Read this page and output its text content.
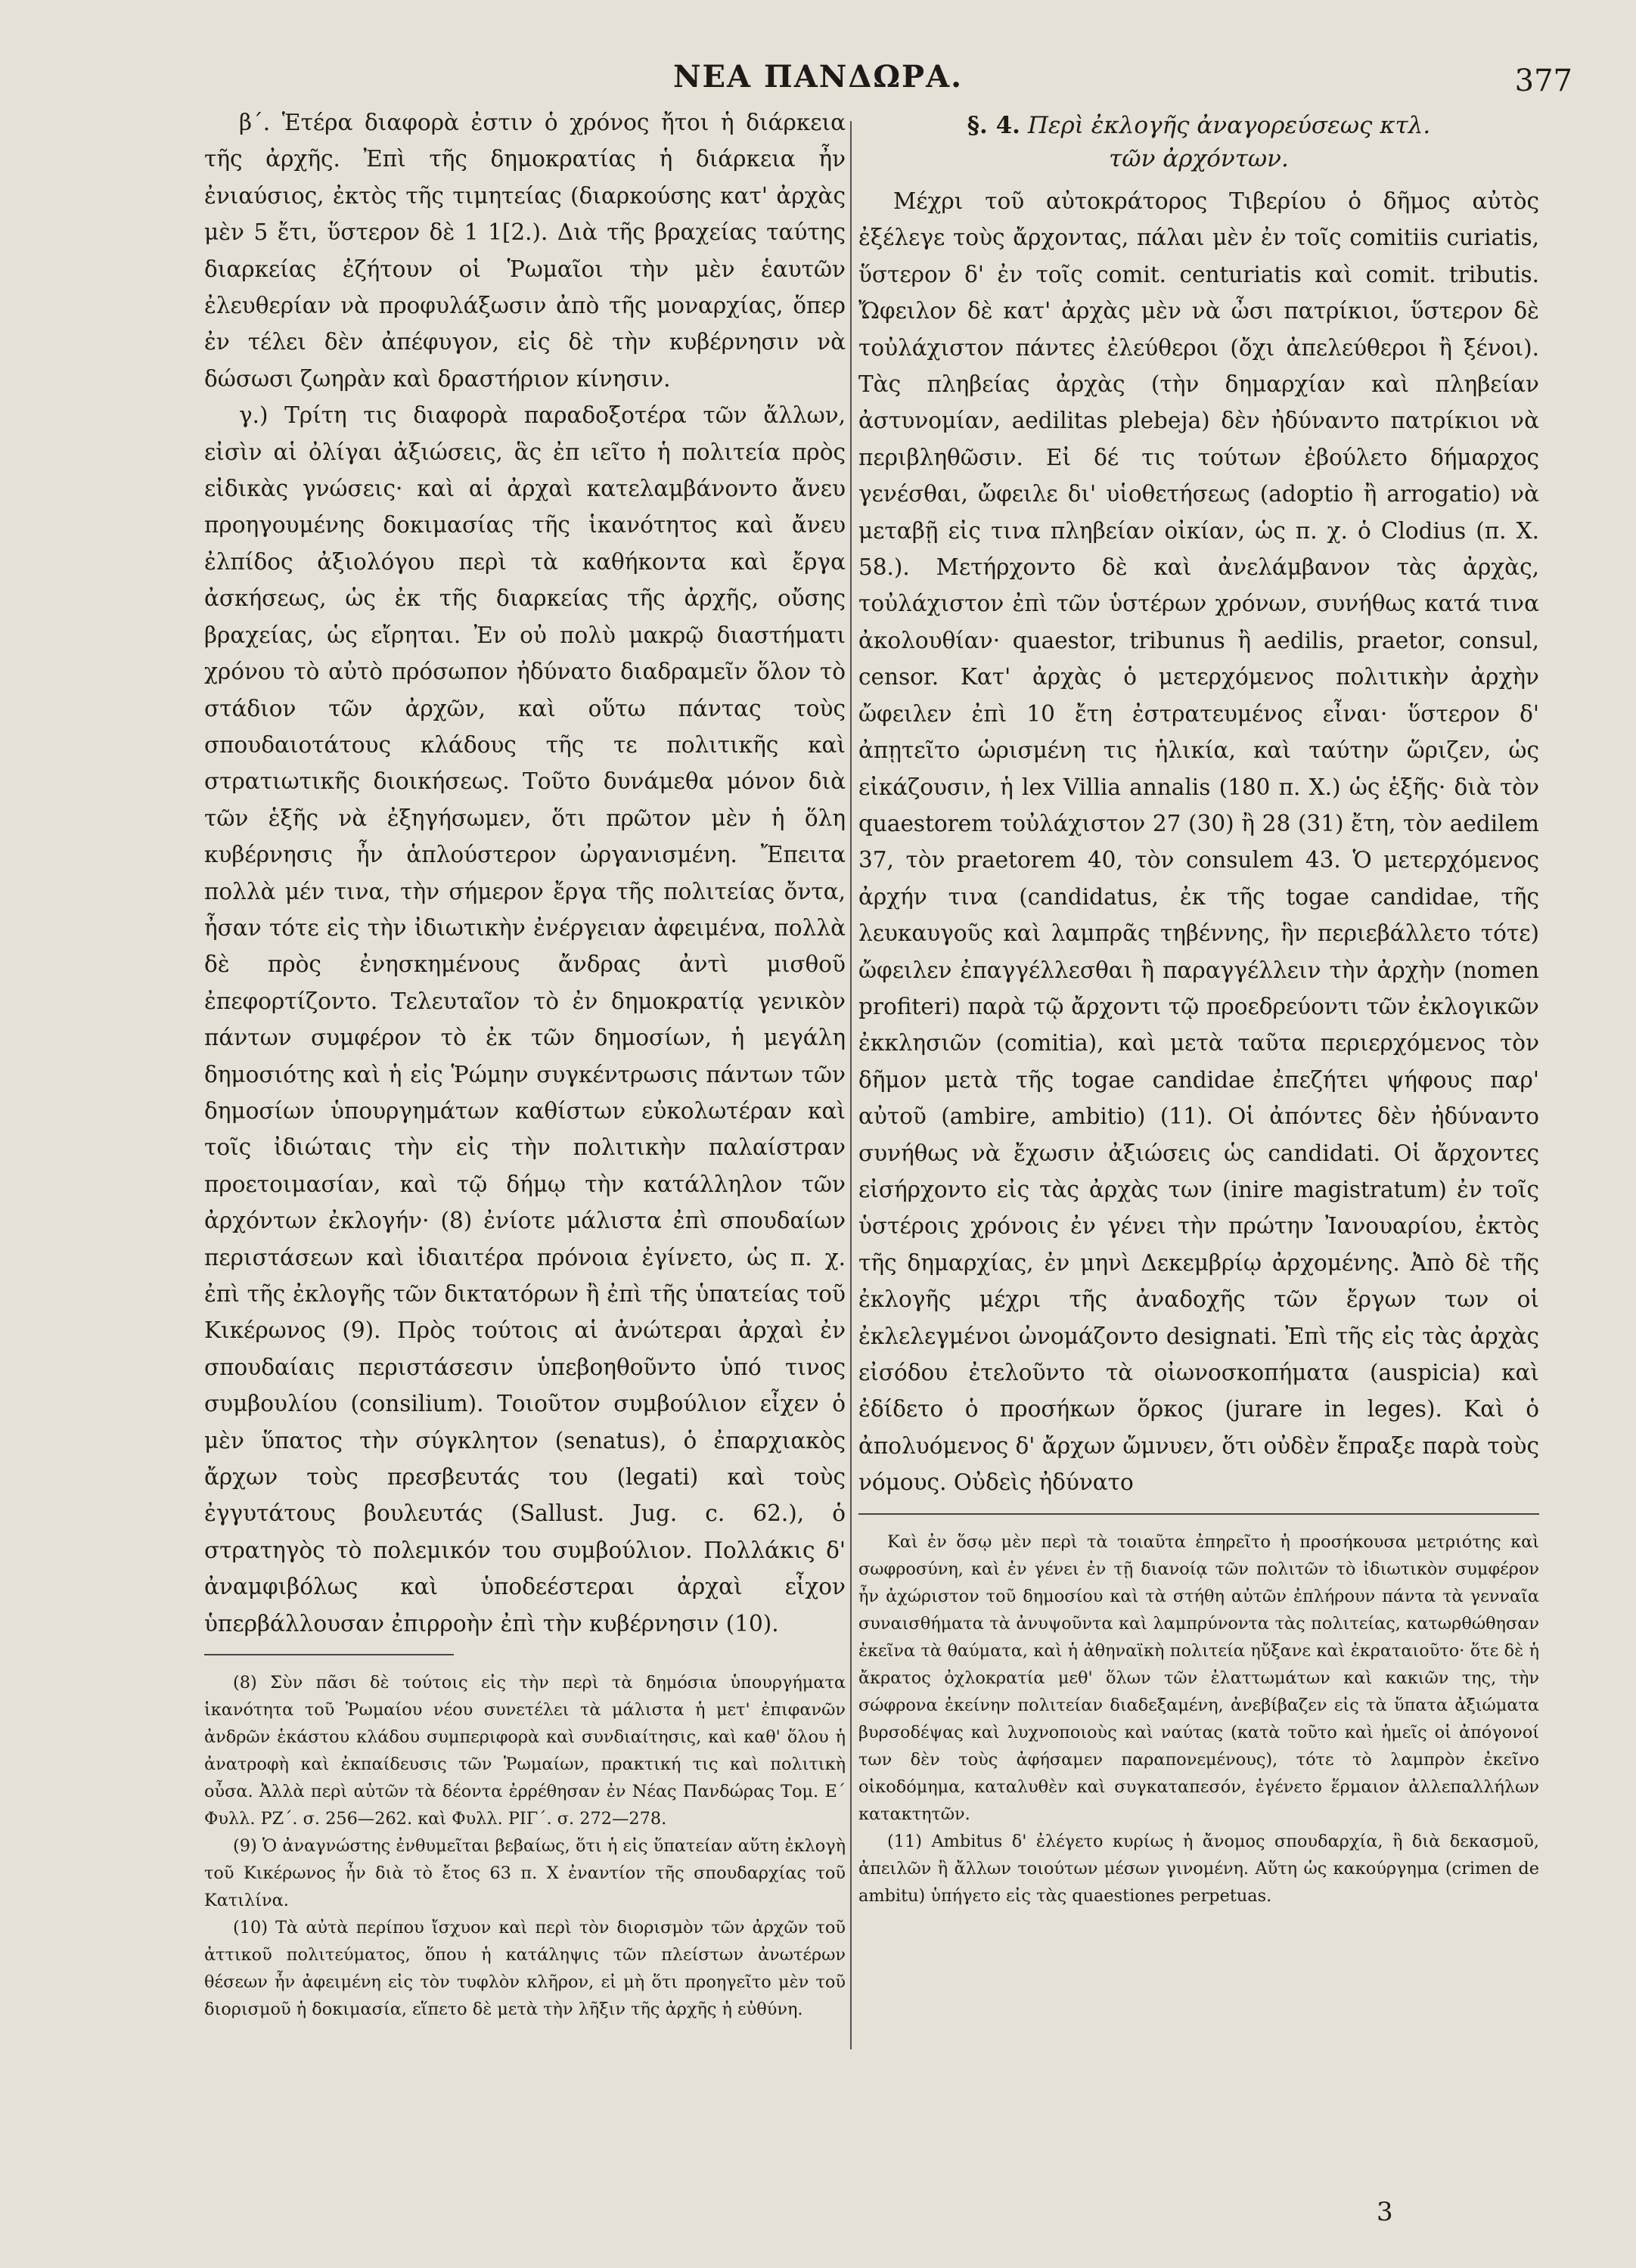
ΝΕΑ ΠΑΝΔΩΡΑ.	377

β΄. Ἑτέρα διαφορὰ ἐστιν ὁ χρόνος ἤτοι ἡ διάρκεια τῆς ἀρχῆς. Ἐπὶ τῆς δημοκρατίας ἡ διάρκεια ἦν ἐνιαύσιος, ἐκτὸς τῆς τιμητείας (διαρκούσης κατ' ἀρχὰς μὲν 5 ἔτι, ὕστερον δὲ 1 1[2.). Διὰ τῆς βραχείας ταύτης διαρκείας ἐζήτουν οἱ Ῥωμαῖοι τὴν μὲν ἑαυτῶν ἐλευθερίαν νὰ προφυλάξωσιν ἀπὸ τῆς μοναρχίας, ὅπερ ἐν τέλει δὲν ἀπέφυγον, εἰς δὲ τὴν κυβέρνησιν νὰ δώσωσι ζωηρὰν καὶ δραστήριον κίνησιν.

γ.) Τρίτη τις διαφορὰ παραδοξοτέρα τῶν ἄλλων, εἰσὶν αἱ ὀλίγαι ἀξιώσεις, ἃς ἐπ ιεῖτο ἡ πολιτεία πρὸς εἰδικὰς γνώσεις· καὶ αἱ ἀρχαὶ κατελαμβάνοντο ἄνευ προηγουμένης δοκιμασίας τῆς ἱκανότητος καὶ ἄνευ ἐλπίδος ἀξιολόγου περὶ τὰ καθήκοντα καὶ ἔργα ἀσκήσεως, ὡς ἐκ τῆς διαρκείας τῆς ἀρχῆς, οὔσης βραχείας, ὡς εἴρηται. Ἐν οὐ πολὺ μακρῷ διαστήματι χρόνου τὸ αὐτὸ πρόσωπον ἠδύνατο διαδραμεῖν ὅλον τὸ στάδιον τῶν ἀρχῶν, καὶ οὕτω πάντας τοὺς σπουδαιοτάτους κλάδους τῆς τε πολιτικῆς καὶ στρατιωτικῆς διοικήσεως. Τοῦτο δυνάμεθα μόνον διὰ τῶν ἑξῆς νὰ ἐξηγήσωμεν, ὅτι πρῶτον μὲν ἡ ὅλη κυβέρνησις ἦν ἁπλούστερον ὠργανισμένη. Ἔπειτα πολλὰ μέν τινα, τὴν σήμερον ἔργα τῆς πολιτείας ὄντα, ἦσαν τότε εἰς τὴν ἰδιωτικὴν ἐνέργειαν ἀφειμένα, πολλὰ δὲ πρὸς ἐνησκημένους ἄνδρας ἀντὶ μισθοῦ ἐπεφορτίζοντο. Τελευταῖον τὸ ἐν δημοκρατίᾳ γενικὸν πάντων συμφέρον τὸ ἐκ τῶν δημοσίων, ἡ μεγάλη δημοσιότης καὶ ἡ εἰς Ῥώμην συγκέντρωσις πάντων τῶν δημοσίων ὑπουργημάτων καθίστων εὐκολωτέραν καὶ τοῖς ἰδιώταις τὴν εἰς τὴν πολιτικὴν παλαίστραν προετοιμασίαν, καὶ τῷ δήμῳ τὴν κατάλληλον τῶν ἀρχόντων ἐκλογήν· (8) ἐνίοτε μάλιστα ἐπὶ σπουδαίων περιστάσεων καὶ ἰδιαιτέρα πρόνοια ἐγίνετο, ὡς π. χ. ἐπὶ τῆς ἐκλογῆς τῶν δικτατόρων ἢ ἐπὶ τῆς ὑπατείας τοῦ Κικέρωνος (9). Πρὸς τούτοις αἱ ἀνώτεραι ἀρχαὶ ἐν σπουδαίαις περιστάσεσιν ὑπεβοηθοῦντο ὑπό τινος συμβουλίου (consilium). Τοιοῦτον συμβούλιον εἶχεν ὁ μὲν ὕπατος τὴν σύγκλητον (senatus), ὁ ἐπαρχιακὸς ἄρχων τοὺς πρεσβευτάς του (legati) καὶ τοὺς ἐγγυτάτους βουλευτάς (Sallust. Jug. c. 62.), ὁ στρατηγὸς τὸ πολεμικόν του συμβούλιον. Πολλάκις δ' ἀναμφιβόλως καὶ ὑποδεέστεραι ἀρχαὶ εἶχον ὑπερβάλλουσαν ἐπιρροὴν ἐπὶ τὴν κυβέρνησιν (10).

(8) Σὺν πᾶσι δὲ τούτοις εἰς τὴν περὶ τὰ δημόσια ὑπουργήματα ἱκανότητα τοῦ Ῥωμαίου νέου συνετέλει τὰ μάλιστα ἡ μετ' ἐπιφανῶν ἀνδρῶν ἑκάστου κλάδου συμπεριφορὰ καὶ συνδιαίτησις, καὶ καθ' ὅλου ἡ ἀνατροφὴ καὶ ἐκπαίδευσις τῶν Ῥωμαίων, πρακτική τις καὶ πολιτικὴ οὖσα. Ἀλλὰ περὶ αὐτῶν τὰ δέοντα ἐρρέθησαν ἐν Νέας Πανδώρας Τομ. Ε΄ Φυλλ. ΡΖ΄. σ. 256—262. καὶ Φυλλ. ΡΙΓ΄. σ. 272—278.

(9) Ὁ ἀναγνώστης ἐνθυμεῖται βεβαίως, ὅτι ἡ εἰς ὕπατείαν αὕτη ἐκλογὴ τοῦ Κικέρωνος ἦν διὰ τὸ ἔτος 63 π. Χ ἐναντίον τῆς σπουδαρχίας τοῦ Κατιλίνα.

(10) Τὰ αὐτὰ περίπου ἴσχυον καὶ περὶ τὸν διορισμὸν τῶν ἀρχῶν τοῦ ἀττικοῦ πολιτεύματος, ὅπου ἡ κατάληψις τῶν πλείστων ἀνωτέρων θέσεων ἦν ἀφειμένη εἰς τὸν τυφλὸν κλῆρον, εἰ μὴ ὅτι προηγεῖτο μὲν τοῦ διορισμοῦ ἡ δοκιμασία, εἵπετο δὲ μετὰ τὴν λῆξιν τῆς ἀρχῆς ἡ εὐθύνη.

§. 4. Περὶ ἐκλογῆς ἀναγορεύσεως κτλ.
τῶν ἀρχόντων.

Μέχρι τοῦ αὐτοκράτορος Τιβερίου ὁ δῆμος αὐτὸς ἐξέλεγε τοὺς ἄρχοντας, πάλαι μὲν ἐν τοῖς comitiis curiatis, ὕστερον δ' ἐν τοῖς comit. centuriatis καὶ comit. tributis. Ὤφειλον δὲ κατ' ἀρχὰς μὲν νὰ ὦσι πατρίκιοι, ὕστερον δὲ τοὐλάχιστον πάντες ἐλεύθεροι (ὄχι ἀπελεύθεροι ἢ ξένοι). Τὰς πληβείας ἀρχὰς (τὴν δημαρχίαν καὶ πληβείαν ἀστυνομίαν, aedilitas plebeja) δὲν ἠδύναντο πατρίκιοι νὰ περιβληθῶσιν. Εἰ δέ τις τούτων ἐβούλετο δήμαρχος γενέσθαι, ὤφειλε δι' υἱοθετήσεως (adoptio ἢ arrogatio) νὰ μεταβῇ εἰς τινα πληβείαν οἰκίαν, ὡς π. χ. ὁ Clodius (π. Χ. 58.). Μετήρχοντο δὲ καὶ ἀνελάμβανον τὰς ἀρχὰς, τοὐλάχιστον ἐπὶ τῶν ὑστέρων χρόνων, συνήθως κατά τινα ἀκολουθίαν· quaestor, tribunus ἢ aedilis, praetor, consul, censor. Κατ' ἀρχὰς ὁ μετερχόμενος πολιτικὴν ἀρχὴν ὤφειλεν ἐπὶ 10 ἔτη ἐστρατευμένος εἶναι· ὕστερον δ' ἀπῃτεῖτο ὡρισμένη τις ἡλικία, καὶ ταύτην ὥριζεν, ὡς εἰκάζουσιν, ἡ lex Villia annalis (180 π. Χ.) ὡς ἑξῆς· διὰ τὸν quaestorem τοὐλάχιστον 27 (30) ἢ 28 (31) ἔτη, τὸν aedilem 37, τὸν praetorem 40, τὸν consulem 43. Ὁ μετερχόμενος ἀρχήν τινα (candidatus, ἐκ τῆς togae candidae, τῆς λευκαυγοῦς καὶ λαμπρᾶς τηβέννης, ἣν περιεβάλλετο τότε) ὤφειλεν ἐπαγγέλλεσθαι ἢ παραγγέλλειν τὴν ἀρχὴν (nomen profiteri) παρὰ τῷ ἄρχοντι τῷ προεδρεύοντι τῶν ἐκλογικῶν ἐκκλησιῶν (comitia), καὶ μετὰ ταῦτα περιερχόμενος τὸν δῆμον μετὰ τῆς togae candidae ἐπεζήτει ψήφους παρ' αὐτοῦ (ambire, ambitio) (11). Οἱ ἀπόντες δὲν ἠδύναντο συνήθως νὰ ἔχωσιν ἀξιώσεις ὡς candidati. Οἱ ἄρχοντες εἰσήρχοντο εἰς τὰς ἀρχὰς των (inire magistratum) ἐν τοῖς ὑστέροις χρόνοις ἐν γένει τὴν πρώτην Ἰανουαρίου, ἐκτὸς τῆς δημαρχίας, ἐν μηνὶ Δεκεμβρίῳ ἀρχομένης. Ἀπὸ δὲ τῆς ἐκλογῆς μέχρι τῆς ἀναδοχῆς τῶν ἔργων των οἱ ἐκλελεγμένοι ὠνομάζοντο designati. Ἐπὶ τῆς εἰς τὰς ἀρχὰς εἰσόδου ἐτελοῦντο τὰ οἰωνοσκοπήματα (auspicia) καὶ ἐδίδετο ὁ προσήκων ὅρκος (jurare in leges). Καὶ ὁ ἀπολυόμενος δ' ἄρχων ὤμνυεν, ὅτι οὐδὲν ἔπραξε παρὰ τοὺς νόμους. Οὐδεὶς ἠδύνατο

Καὶ ἐν ὅσῳ μὲν περὶ τὰ τοιαῦτα ἐπηρεῖτο ἡ προσήκουσα μετριότης καὶ σωφροσύνη, καὶ ἐν γένει ἐν τῇ διανοίᾳ τῶν πολιτῶν τὸ ἰδιωτικὸν συμφέρον ἦν ἀχώριστον τοῦ δημοσίου καὶ τὰ στήθη αὐτῶν ἐπλήρουν πάντα τὰ γενναῖα συναισθήματα τὰ ἀνυψοῦντα καὶ λαμπρύνοντα τὰς πολιτείας, κατωρθώθησαν ἐκεῖνα τὰ θαύματα, καὶ ἡ ἀθηναϊκὴ πολιτεία ηὔξανε καὶ ἐκραταιοῦτο· ὅτε δὲ ἡ ἄκρατος ὀχλοκρατία μεθ' ὅλων τῶν ἐλαττωμάτων καὶ κακιῶν της, τὴν σώφρονα ἐκείνην πολιτείαν διαδεξαμένη, ἀνεβίβαζεν εἰς τὰ ὕπατα ἀξιώματα βυρσοδέψας καὶ λυχνοποιοὺς καὶ ναύτας (κατὰ τοῦτο καὶ ἡμεῖς οἱ ἀπόγονοί των δὲν τοὺς ἀφήσαμεν παραπονεμένους), τότε τὸ λαμπρὸν ἐκεῖνο οἰκοδόμημα, καταλυθὲν καὶ συγκαταπεσόν, ἐγένετο ἕρμαιον ἀλλεπαλλήλων κατακτητῶν.

(11) Ambitus δ' ἐλέγετο κυρίως ἡ ἄνομος σπουδαρχία, ἢ διὰ δεκασμοῦ, ἀπειλῶν ἢ ἄλλων τοιούτων μέσων γινομένη. Αὕτη ὡς κακούργημα (crimen de ambitu) ὑπήγετο εἰς τὰς quaestiones perpetuas.

3
